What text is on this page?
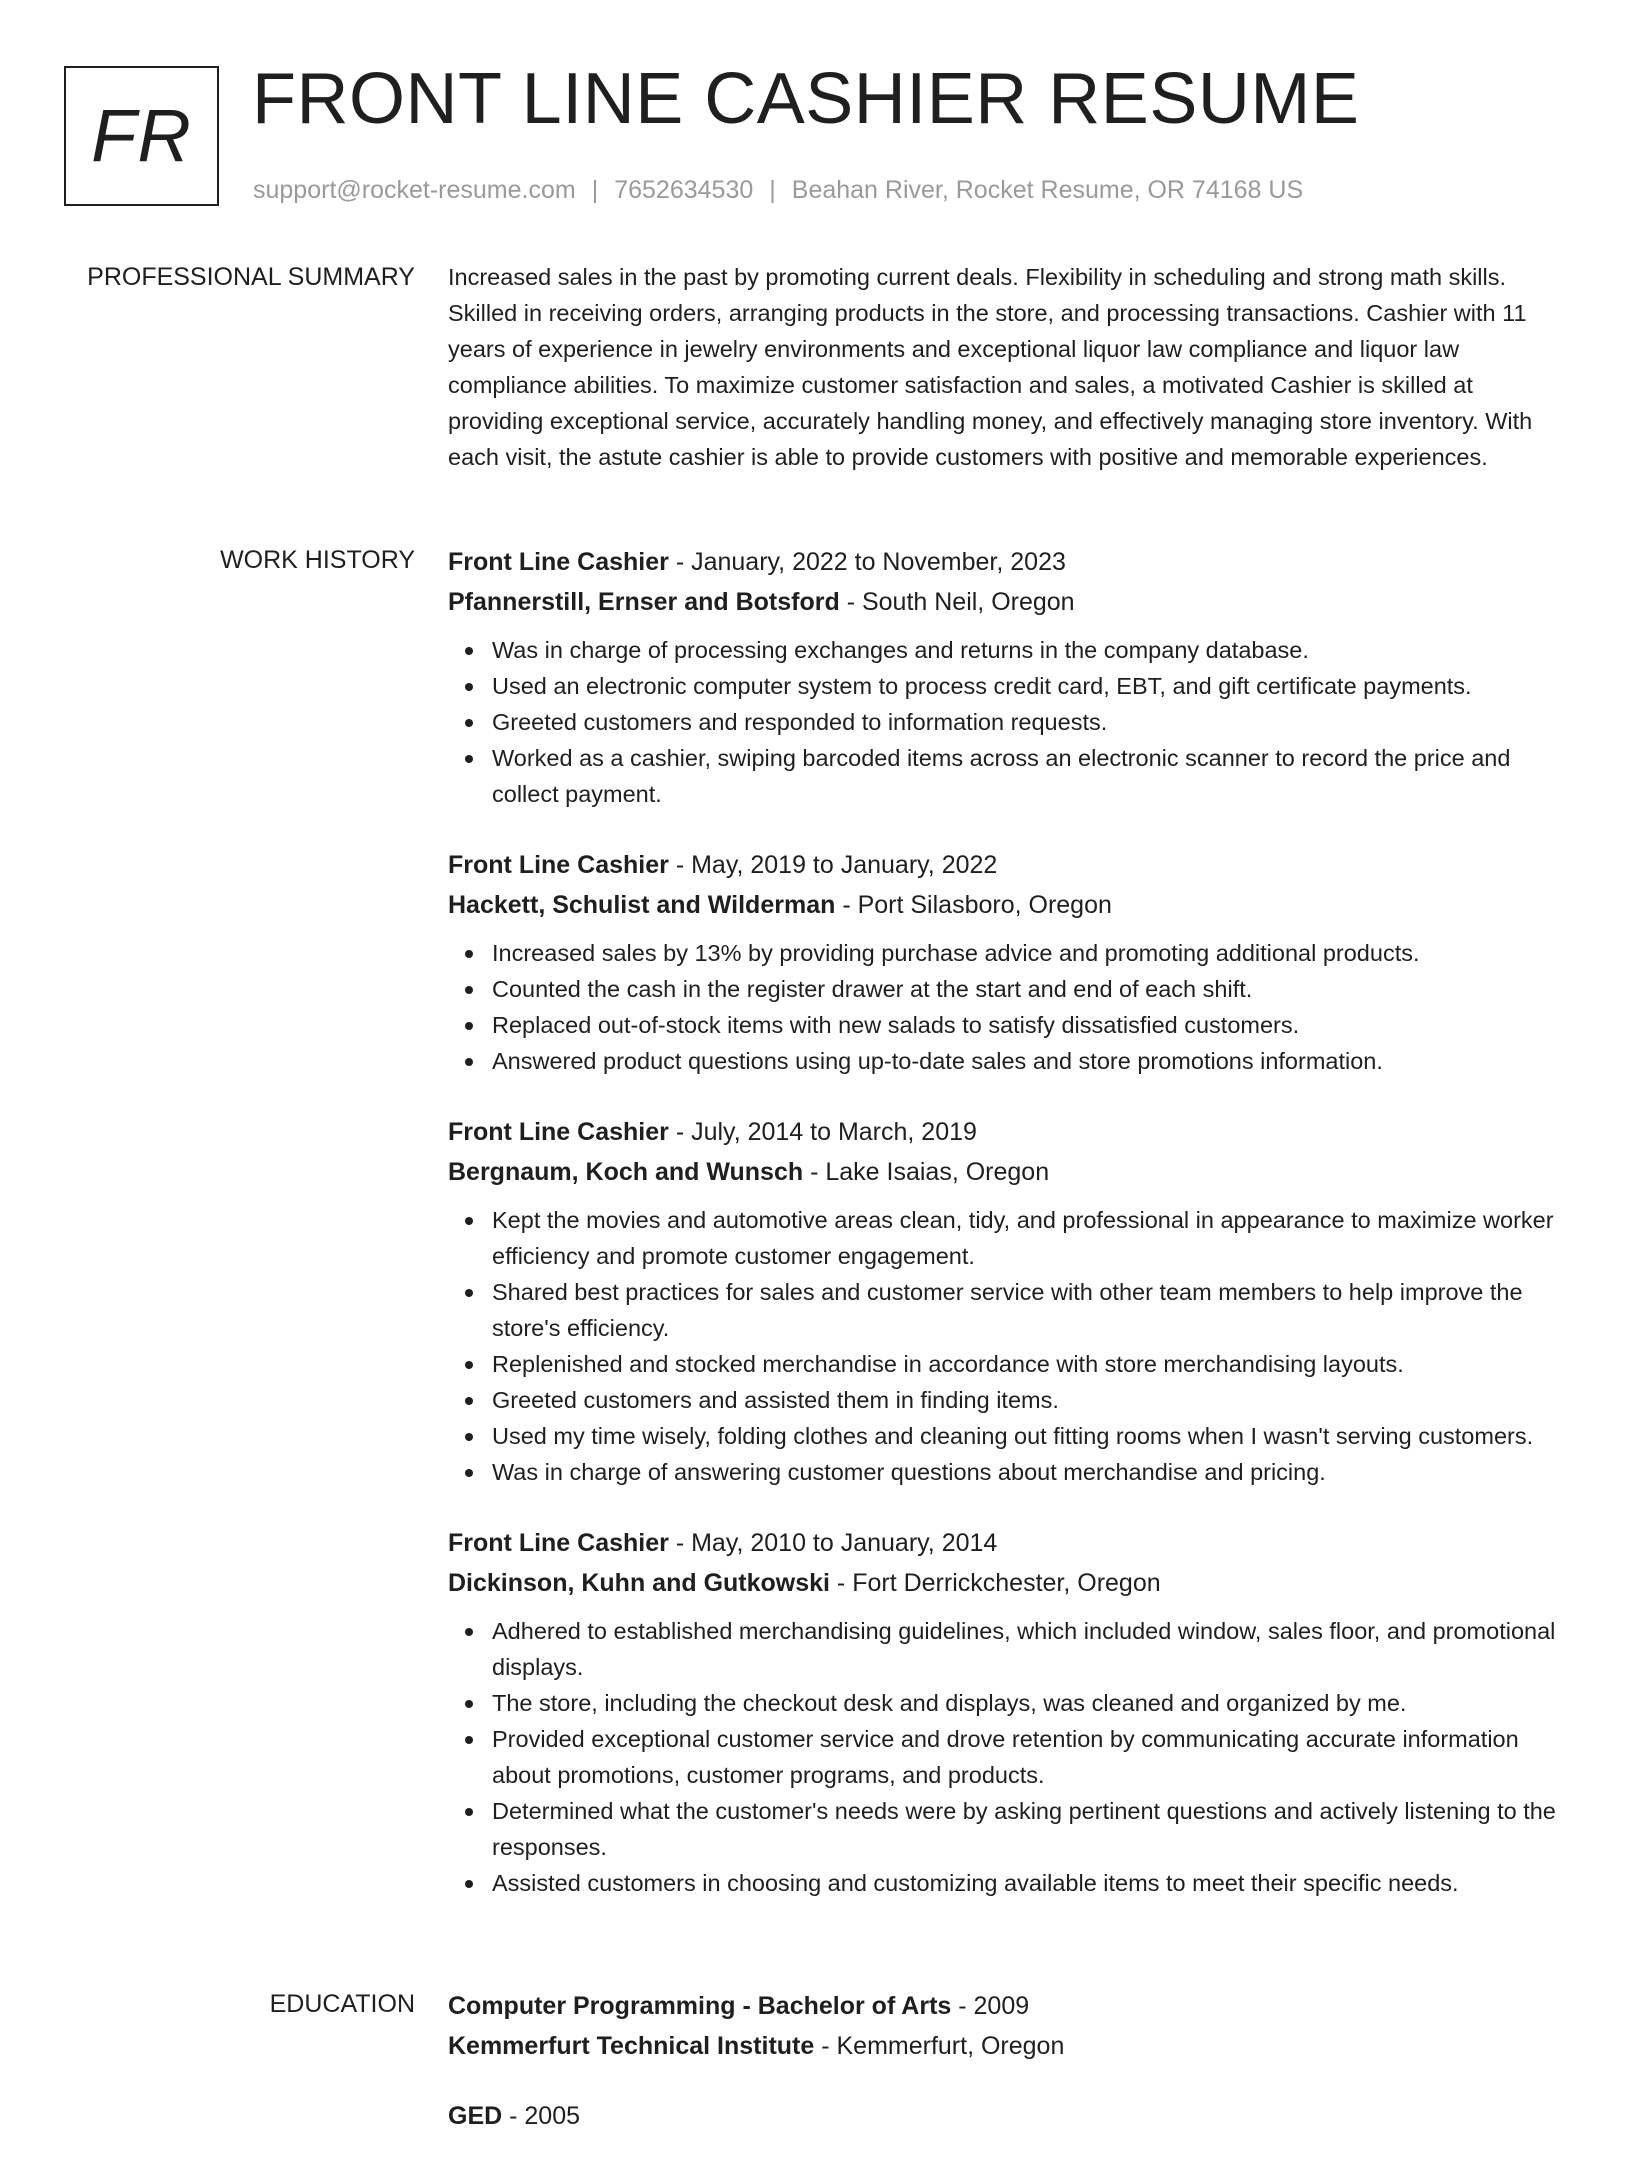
FR FRONT LINE CASHIER RESUME
support@rocket-resume.com | 7652634530 | Beahan River, Rocket Resume, OR 74168 US
PROFESSIONAL SUMMARY Increased sales in the past by promoting current deals. Flexibility in scheduling and strong math skills. Skilled in receiving orders, arranging products in the store, and processing transactions. Cashier with 11 years of experience in jewelry environments and exceptional liquor law compliance and liquor law compliance abilities. To maximize customer satisfaction and sales, a motivated Cashier is skilled at providing exceptional service, accurately handling money, and effectively managing store inventory. With each visit, the astute cashier is able to provide customers with positive and memorable experiences.

WORK HISTORY Front Line Cashier - January, 2022 to November, 2023
Pfannerstill, Ernser and Botsford - South Neil, Oregon
Was in charge of processing exchanges and returns in the company database.
Used an electronic computer system to process credit card, EBT, and gift certificate payments.
Greeted customers and responded to information requests.
Worked as a cashier, swiping barcoded items across an electronic scanner to record the price and collect payment.
Front Line Cashier - May, 2019 to January, 2022
Hackett, Schulist and Wilderman - Port Silasboro, Oregon
Increased sales by 13% by providing purchase advice and promoting additional products.
Counted the cash in the register drawer at the start and end of each shift.
Replaced out-of-stock items with new salads to satisfy dissatisfied customers.
Answered product questions using up-to-date sales and store promotions information.
Front Line Cashier - July, 2014 to March, 2019
Bergnaum, Koch and Wunsch - Lake Isaias, Oregon
Kept the movies and automotive areas clean, tidy, and professional in appearance to maximize worker efficiency and promote customer engagement.
Shared best practices for sales and customer service with other team members to help improve the store's efficiency.
Replenished and stocked merchandise in accordance with store merchandising layouts.
Greeted customers and assisted them in finding items.
Used my time wisely, folding clothes and cleaning out fitting rooms when I wasn't serving customers.
Was in charge of answering customer questions about merchandise and pricing.
Front Line Cashier - May, 2010 to January, 2014
Dickinson, Kuhn and Gutkowski - Fort Derrickchester, Oregon
Adhered to established merchandising guidelines, which included window, sales floor, and promotional displays.
The store, including the checkout desk and displays, was cleaned and organized by me.
Provided exceptional customer service and drove retention by communicating accurate information about promotions, customer programs, and products.
Determined what the customer's needs were by asking pertinent questions and actively listening to the responses.
Assisted customers in choosing and customizing available items to meet their specific needs.
EDUCATION Computer Programming - Bachelor of Arts - 2009
Kemmerfurt Technical Institute - Kemmerfurt, Oregon
GED - 2005
